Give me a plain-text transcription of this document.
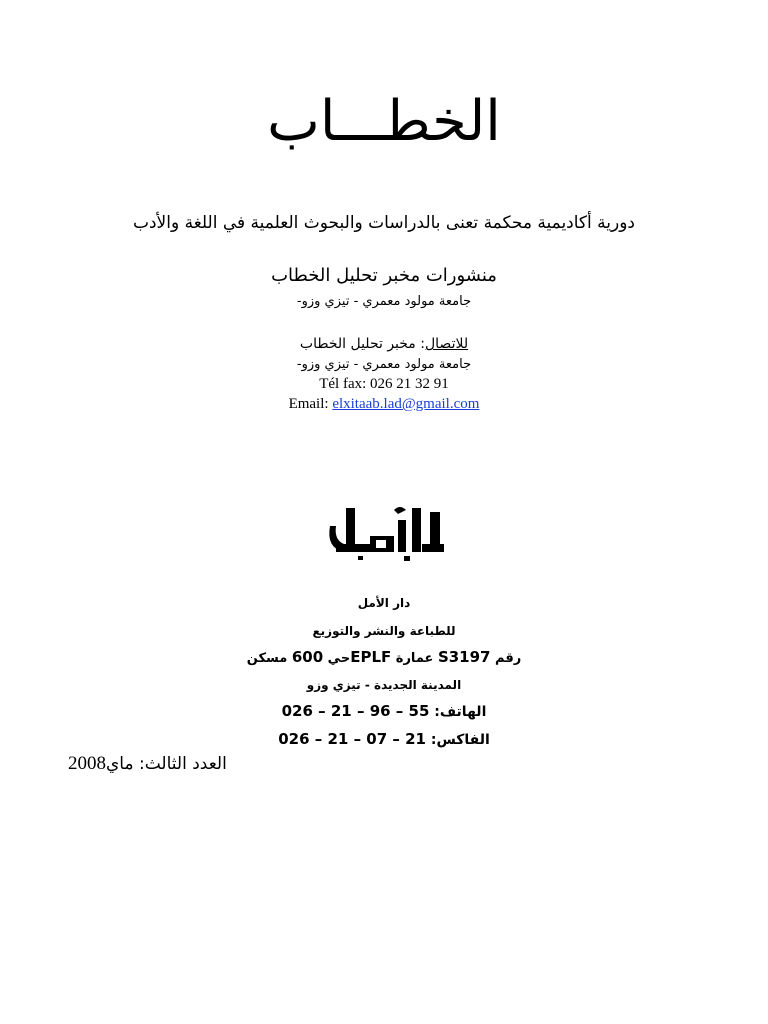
الخطـــاب
دورية أكاديمية محكمة تعنى بالدراسات والبحوث العلمية في اللغة والأدب
منشورات مخبر تحليل الخطاب
جامعة مولود معمري - تيزي وزو-
للاتصال: مخبر تحليل الخطاب
جامعة مولود معمري - تيزي وزو-
Tél fax: 026 21 32 91
Email: elxitaab.lad@gmail.com
دار الأمل
للطباعة والنشر والتوزيع
رقم S3197 عمارة EPLFحي 600 مسكن
المدينة الجديدة - تيزي وزو
الهاتف: 55 – 96 – 21 – 026
الفاكس: 21 – 07 – 21 – 026
العدد الثالث: ماي2008
